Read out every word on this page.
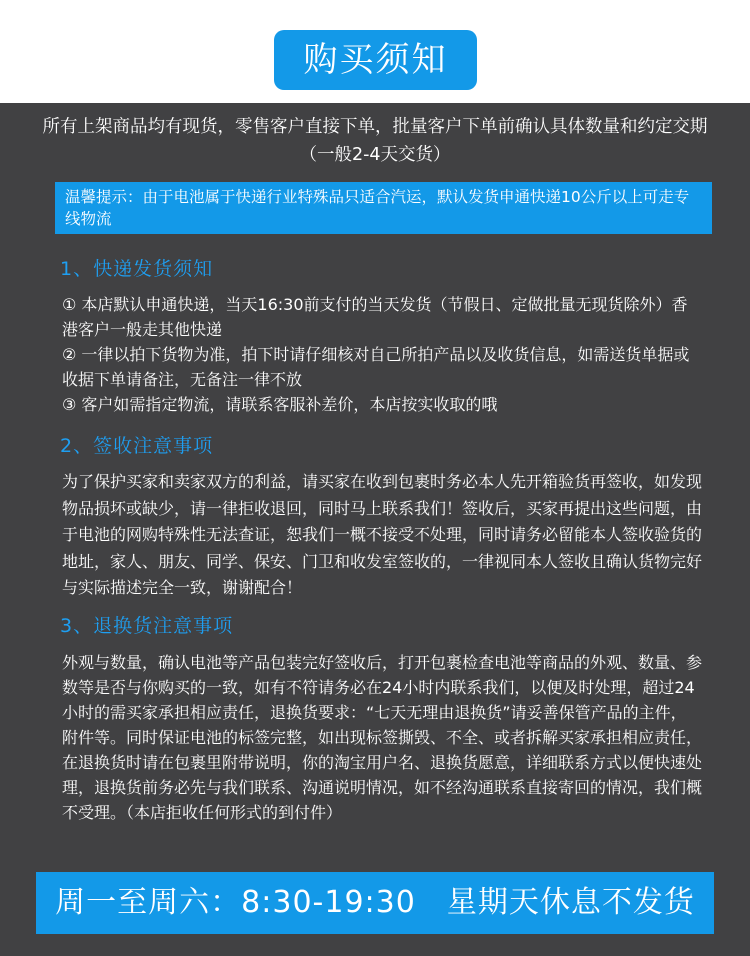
购买须知
所有上架商品均有现货，零售客户直接下单，批量客户下单前确认具体数量和约定交期（一般2-4天交货）
温馨提示：由于电池属于快递行业特殊品只适合汽运，默认发货申通快递10公斤以上可走专线物流
1、快递发货须知

① 本店默认申通快递，当天16:30前支付的当天发货（节假日、定做批量无现货除外）香港客户一般走其他快递

② 一律以拍下货物为准，拍下时请仔细核对自己所拍产品以及收货信息，如需送货单据或收据下单请备注，无备注一律不放

③ 客户如需指定物流，请联系客服补差价，本店按实收取的哦

2、签收注意事项

为了保护买家和卖家双方的利益，请买家在收到包裹时务必本人先开箱验货再签收，如发现物品损坏或缺少，请一律拒收退回，同时马上联系我们！签收后，买家再提出这些问题，由于电池的网购特殊性无法查证，恕我们一概不接受不处理，同时请务必留能本人签收验货的地址，家人、朋友、同学、保安、门卫和收发室签收的，一律视同本人签收且确认货物完好与实际描述完全一致，谢谢配合！

3、退换货注意事项

外观与数量，确认电池等产品包装完好签收后，打开包裹检查电池等商品的外观、数量、参数等是否与你购买的一致，如有不符请务必在24小时内联系我们，以便及时处理，超过24小时的需买家承担相应责任，退换货要求：“七天无理由退换货”请妥善保管产品的主件，附件等。同时保证电池的标签完整，如出现标签撕毁、不全、或者拆解买家承担相应责任，在退换货时请在包裹里附带说明，你的淘宝用户名、退换货愿意，详细联系方式以便快速处理，退换货前务必先与我们联系、沟通说明情况，如不经沟通联系直接寄回的情况，我们概不受理。（本店拒收任何形式的到付件）

周一至周六：8:30-19:30　星期天休息不发货
